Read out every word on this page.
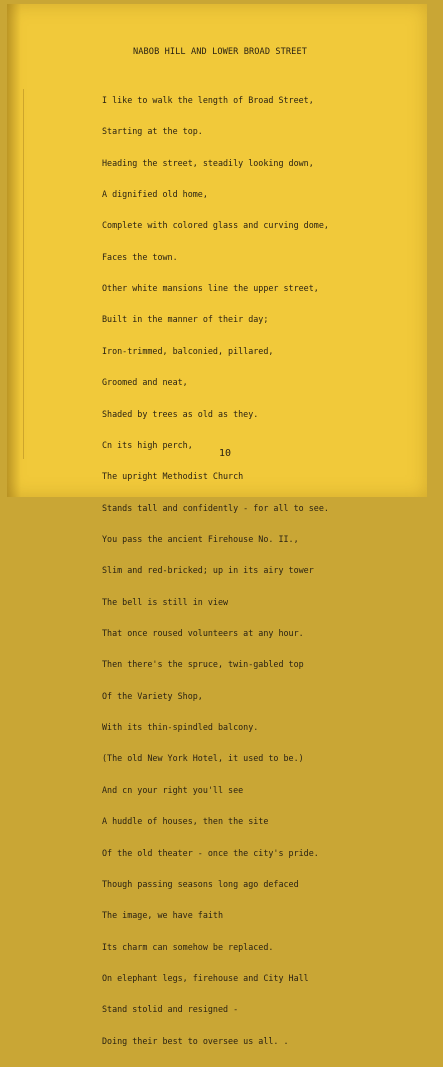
NABOB HILL AND LOWER BROAD STREET

I like to walk the length of Broad Street,

Starting at the top.

Heading the street, steadily looking down,

A dignified old home,

Complete with colored glass and curving dome,

Faces the town.

Other white mansions line the upper street,

Built in the manner of their day;

Iron-trimmed, balconied, pillared,

Groomed and neat,

Shaded by trees as old as they.

Cn its high perch,

The upright Methodist Church

Stands tall and confidently - for all to see.

You pass the ancient Firehouse No. II.,

Slim and red-bricked; up in its airy tower

The bell is still in view

That once roused volunteers at any hour.

Then there's the spruce, twin-gabled top

Of the Variety Shop,

With its thin-spindled balcony.

(The old New York Hotel, it used to be.)

And cn your right you'll see

A huddle of houses, then the site

Of the old theater - once the city's pride.

Though passing seasons long ago defaced

The image, we have faith

Its charm can somehow be replaced.

On elephant legs, firehouse and City Hall

Stand stolid and resigned -

Doing their best to oversee us all. .

10
